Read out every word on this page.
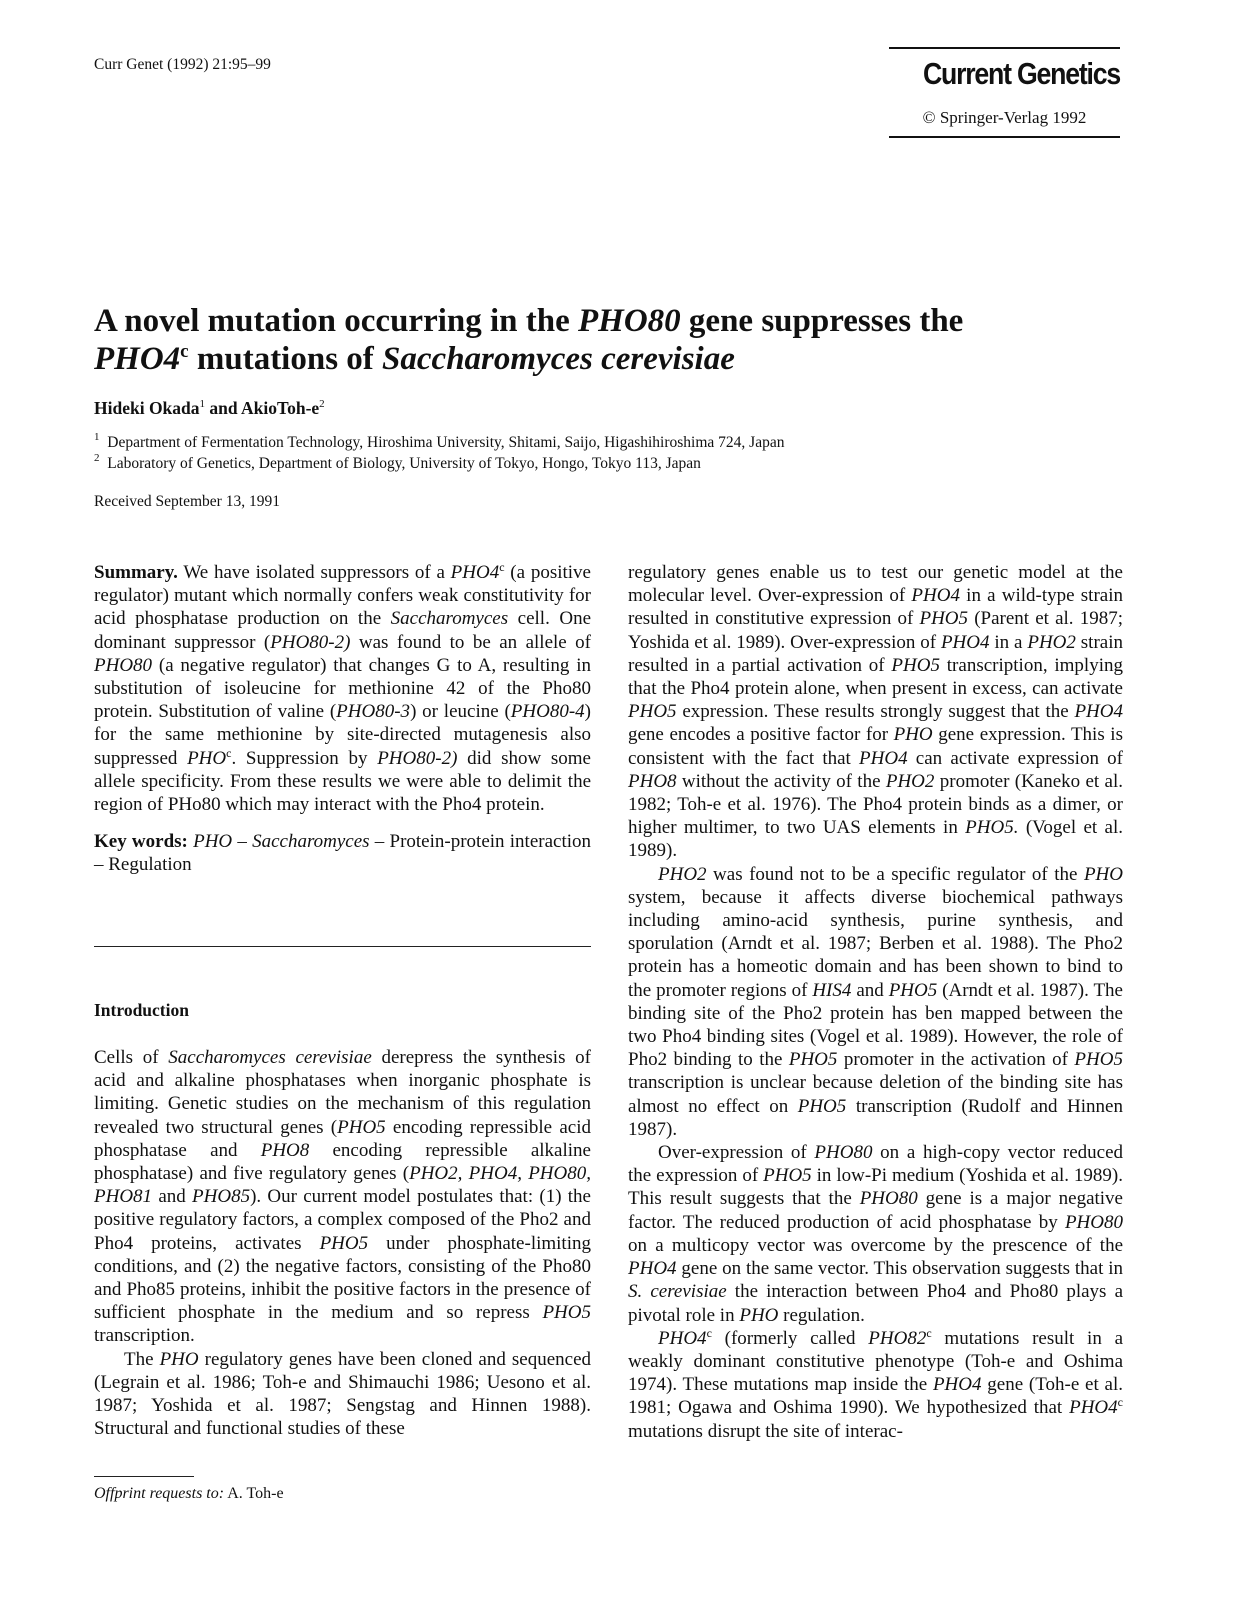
Curr Genet (1992) 21:95–99	Current Genetics
© Springer-Verlag 1992
A novel mutation occurring in the PHO80 gene suppresses the
PHO4$^c$ mutations of Saccharomyces cerevisiae
Hideki Okada$^1$ and AkioToh-$e^2$
$^1$ Department of Fermentation Technology, Hiroshima University, Shitami, Saijo, Higashihiroshima 724, Japan
$^2$ Laboratory of Genetics, Department of Biology, University of Tokyo, Hongo, Tokyo 113, Japan
Received September 13, 1991

Summary. We have isolated suppressors of a PHO4$^c$ (a positive regulator) mutant which normally confers weak constitutivity for acid phosphatase production on the Saccharomyces cell. One dominant suppressor (PHO80-2) was found to be an allele of PHO80 (a negative regulator) that changes G to A, resulting in substitution of isoleucine for methionine 42 of the Pho80 protein. Substitution of valine (PHO80-3) or leucine (PHO80-4) for the same methionine by site-directed mutagenesis also suppressed PHO$^c$. Suppression by PHO80-2) did show some allele specificity. From these results we were able to delimit the region of PHo80 which may interact with the Pho4 protein.

Key words: PHO – Saccharomyces – Protein-protein interaction – Regulation

Introduction

Cells of Saccharomyces cerevisiae derepress the synthesis of acid and alkaline phosphatases when inorganic phosphate is limiting. Genetic studies on the mechanism of this regulation revealed two structural genes (PHO5 encoding repressible acid phosphatase and PHO8 encoding repressible alkaline phosphatase) and five regulatory genes (PHO2, PHO4, PHO80, PHO81 and PHO85). Our current model postulates that: (1) the positive regulatory factors, a complex composed of the Pho2 and Pho4 proteins, activates PHO5 under phosphate-limiting conditions, and (2) the negative factors, consisting of the Pho80 and Pho85 proteins, inhibit the positive factors in the presence of sufficient phosphate in the medium and so repress PHO5 transcription.

The PHO regulatory genes have been cloned and sequenced (Legrain et al. 1986; Toh-e and Shimauchi 1986; Uesono et al. 1987; Yoshida et al. 1987; Sengstag and Hinnen 1988). Structural and functional studies of these

Offprint requests to: A. Toh-e

regulatory genes enable us to test our genetic model at the molecular level. Over-expression of PHO4 in a wild-type strain resulted in constitutive expression of PHO5 (Parent et al. 1987; Yoshida et al. 1989). Over-expression of PHO4 in a PHO2 strain resulted in a partial activation of PHO5 transcription, implying that the Pho4 protein alone, when present in excess, can activate PHO5 expression. These results strongly suggest that the PHO4 gene encodes a positive factor for PHO gene expression. This is consistent with the fact that PHO4 can activate expression of PHO8 without the activity of the PHO2 promoter (Kaneko et al. 1982; Toh-e et al. 1976). The Pho4 protein binds as a dimer, or higher multimer, to two UAS elements in PHO5. (Vogel et al. 1989).

PHO2 was found not to be a specific regulator of the PHO system, because it affects diverse biochemical pathways including amino-acid synthesis, purine synthesis, and sporulation (Arndt et al. 1987; Berben et al. 1988). The Pho2 protein has a homeotic domain and has been shown to bind to the promoter regions of HIS4 and PHO5 (Arndt et al. 1987). The binding site of the Pho2 protein has ben mapped between the two Pho4 binding sites (Vogel et al. 1989). However, the role of Pho2 binding to the PHO5 promoter in the activation of PHO5 transcription is unclear because deletion of the binding site has almost no effect on PHO5 transcription (Rudolf and Hinnen 1987).

Over-expression of PHO80 on a high-copy vector reduced the expression of PHO5 in low-Pi medium (Yoshida et al. 1989). This result suggests that the PHO80 gene is a major negative factor. The reduced production of acid phosphatase by PHO80 on a multicopy vector was overcome by the prescence of the PHO4 gene on the same vector. This observation suggests that in S. cerevisiae the interaction between Pho4 and Pho80 plays a pivotal role in PHO regulation.

PHO4$^c$ (formerly called PHO82$^c$ mutations result in a weakly dominant constitutive phenotype (Toh-e and Oshima 1974). These mutations map inside the PHO4 gene (Toh-e et al. 1981; Ogawa and Oshima 1990). We hypothesized that PHO4$^c$ mutations disrupt the site of interac-
